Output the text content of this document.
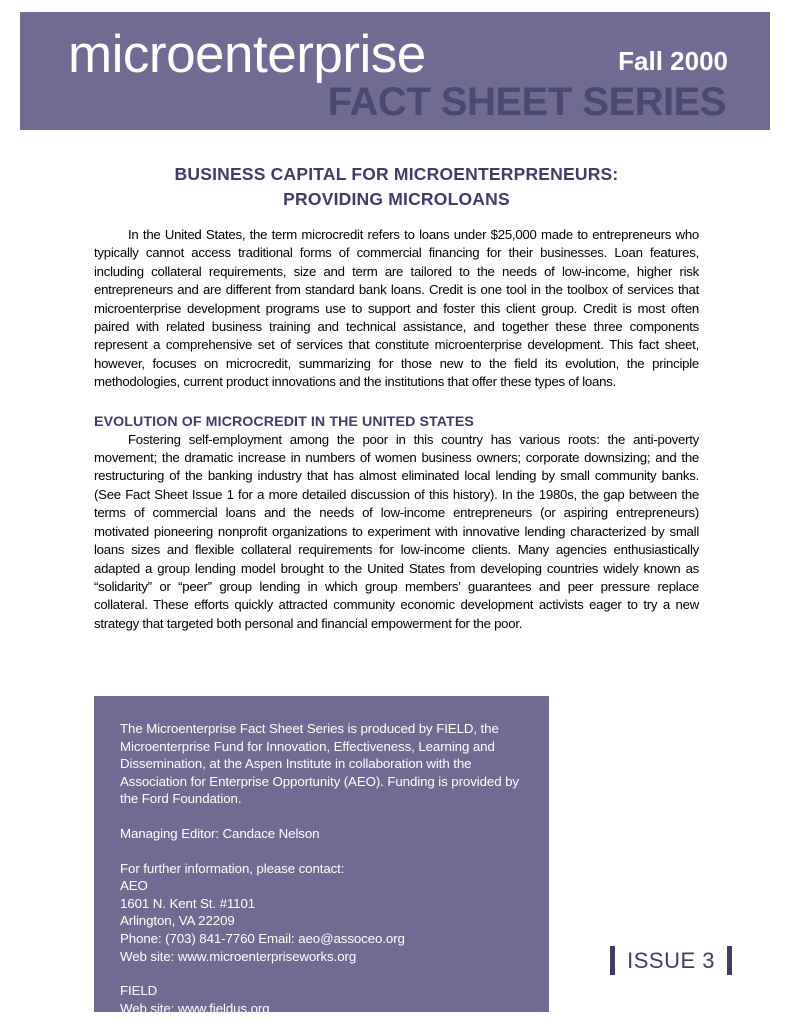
microenterprise	Fall 2000
FACT SHEET SERIES
BUSINESS CAPITAL FOR MICROENTERPRENEURS:
PROVIDING MICROLOANS

In the United States, the term microcredit refers to loans under $25,000 made to entrepreneurs who typically cannot access traditional forms of commercial financing for their businesses. Loan features, including collateral requirements, size and term are tailored to the needs of low-income, higher risk entrepreneurs and are different from standard bank loans. Credit is one tool in the toolbox of services that microenterprise development programs use to support and foster this client group. Credit is most often paired with related business training and technical assistance, and together these three components represent a comprehensive set of services that constitute microenterprise development. This fact sheet, however, focuses on microcredit, summarizing for those new to the field its evolution, the principle methodologies, current product innovations and the institutions that offer these types of loans.

EVOLUTION OF MICROCREDIT IN THE UNITED STATES

Fostering self-employment among the poor in this country has various roots: the anti-poverty movement; the dramatic increase in numbers of women business owners; corporate downsizing; and the restructuring of the banking industry that has almost eliminated local lending by small community banks. (See Fact Sheet Issue 1 for a more detailed discussion of this history). In the 1980s, the gap between the terms of commercial loans and the needs of low-income entrepreneurs (or aspiring entrepreneurs) motivated pioneering nonprofit organizations to experiment with innovative lending characterized by small loans sizes and flexible collateral requirements for low-income clients. Many agencies enthusiastically adapted a group lending model brought to the United States from developing countries widely known as “solidarity” or “peer” group lending in which group members’ guarantees and peer pressure replace collateral. These efforts quickly attracted community economic development activists eager to try a new strategy that targeted both personal and financial empowerment for the poor.

The Microenterprise Fact Sheet Series is produced by FIELD, the Microenterprise Fund for Innovation, Effectiveness, Learning and Dissemination, at the Aspen Institute in collaboration with the Association for Enterprise Opportunity (AEO). Funding is provided by the Ford Foundation.

Managing Editor: Candace Nelson

For further information, please contact:

AEO

1601 N. Kent St. #1101

Arlington, VA 22209

Phone: (703) 841-7760 Email: aeo@assoceo.org

Web site: www.microenterpriseworks.org

FIELD

Web site: www.fieldus.org

ISSUE 3
